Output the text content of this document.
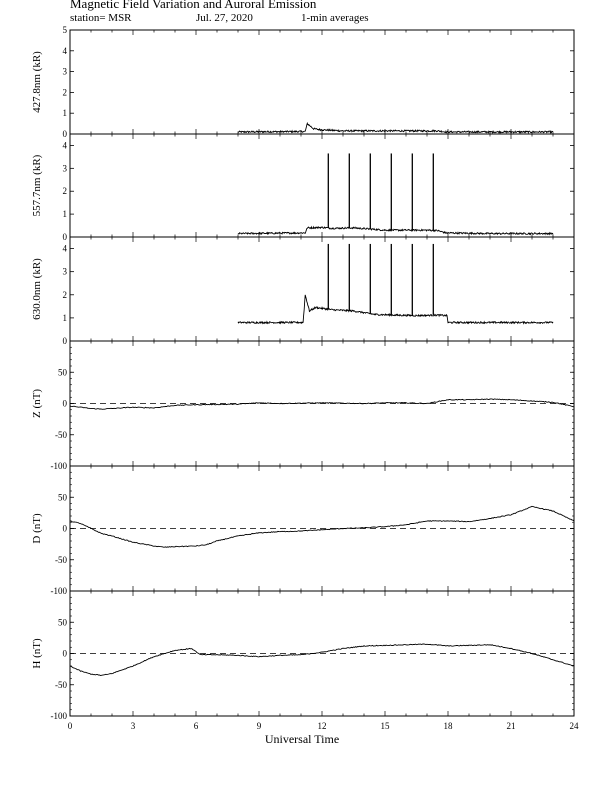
Magnetic Field Variation and Auroral Emission
station= MSR	Jul. 27, 2020	1-min averages
0
1
2
3
4
5
427.8nm (kR)
0
1
2
3
4
557.7nm (kR)
0
1
2
3
4
630.0nm (kR)
-100
-50
0
50
Z (nT)
-100
-50
0
50
D (nT)
-100
-50
0
50
H (nT)
0	3	6	9	12	15	18	21	24
Universal Time
